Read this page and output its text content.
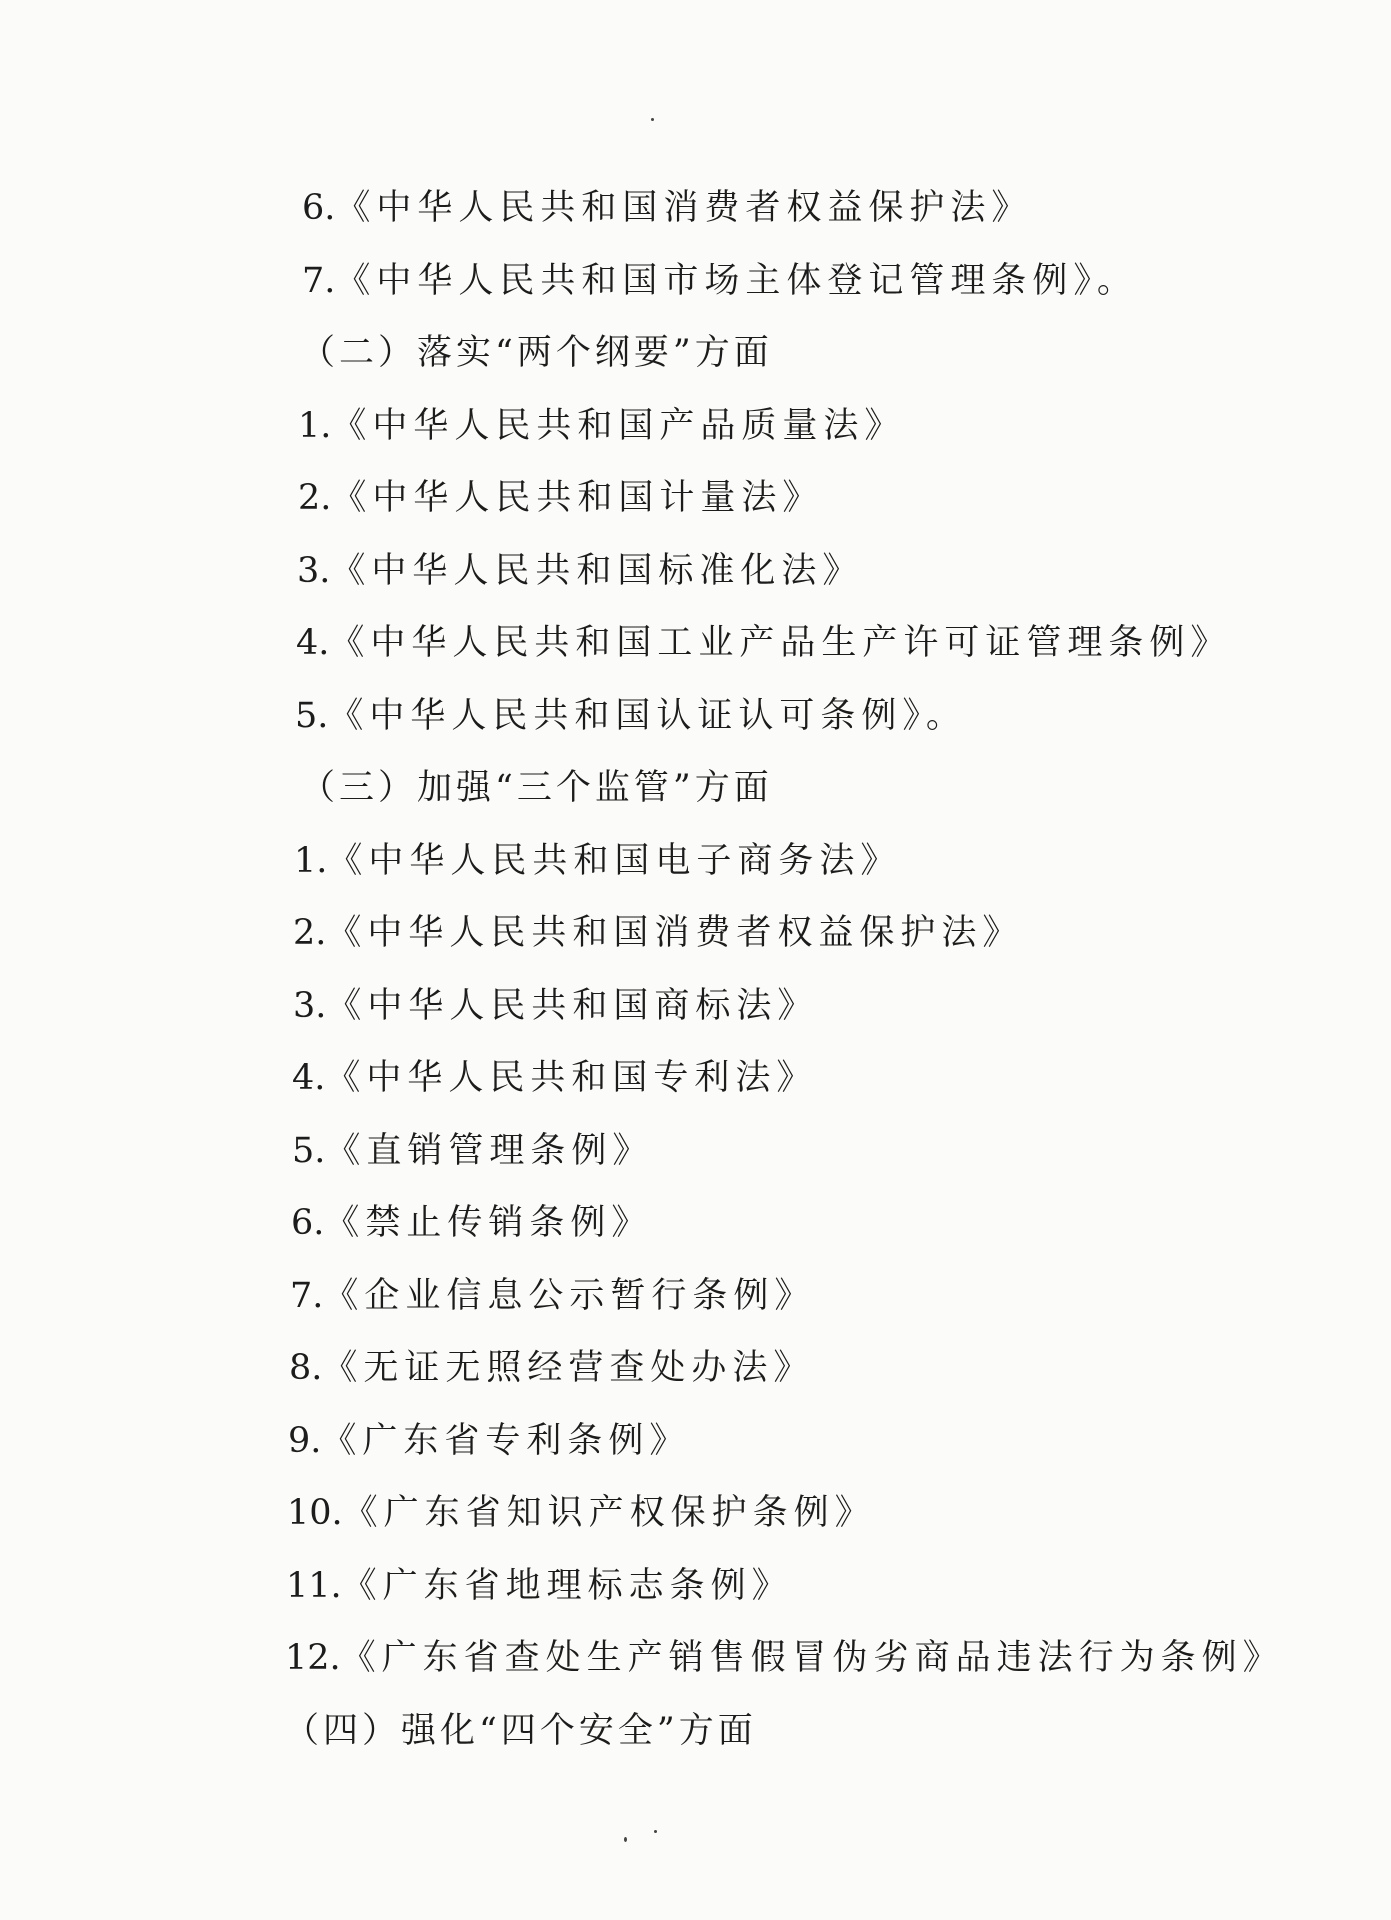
6.《中华人民共和国消费者权益保护法》
7.《中华人民共和国市场主体登记管理条例》。
（二）落实“两个纲要”方面
1.《中华人民共和国产品质量法》
2.《中华人民共和国计量法》
3.《中华人民共和国标准化法》
4.《中华人民共和国工业产品生产许可证管理条例》
5.《中华人民共和国认证认可条例》。
（三）加强“三个监管”方面
1.《中华人民共和国电子商务法》
2.《中华人民共和国消费者权益保护法》
3.《中华人民共和国商标法》
4.《中华人民共和国专利法》
5.《直销管理条例》
6.《禁止传销条例》
7.《企业信息公示暂行条例》
8.《无证无照经营查处办法》
9.《广东省专利条例》
10.《广东省知识产权保护条例》
11.《广东省地理标志条例》
12.《广东省查处生产销售假冒伪劣商品违法行为条例》
（四）强化“四个安全”方面
